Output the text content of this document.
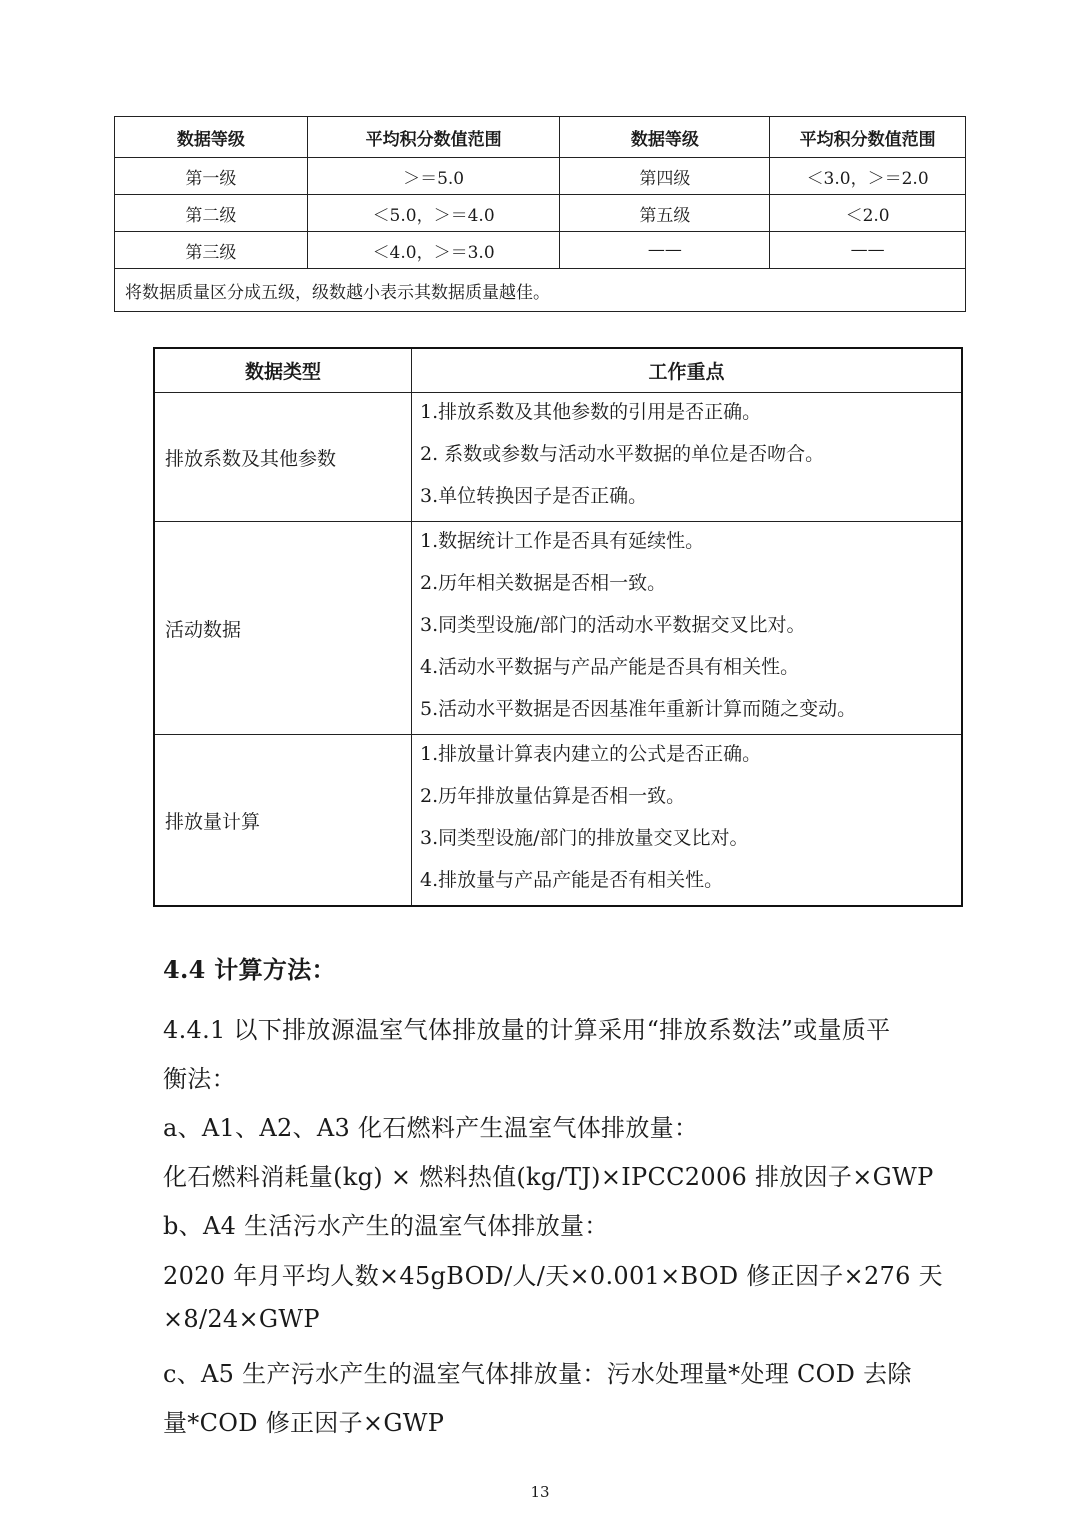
数据等级	平均积分数值范围	数据等级	平均积分数值范围
第一级	＞＝5.0	第四级	＜3.0，＞＝2.0
第二级	＜5.0，＞＝4.0	第五级	＜2.0
第三级	＜4.0，＞＝3.0	——	——
将数据质量区分成五级，级数越小表示其数据质量越佳。			
数据类型	工作重点
排放系数及其他参数	1.排放系数及其他参数的引用是否正确。
2. 系数或参数与活动水平数据的单位是否吻合。
3.单位转换因子是否正确。

活动数据	1.数据统计工作是否具有延续性。
2.历年相关数据是否相一致。
3.同类型设施/部门的活动水平数据交叉比对。
4.活动水平数据与产品产能是否具有相关性。
5.活动水平数据是否因基准年重新计算而随之变动。

排放量计算	1.排放量计算表内建立的公式是否正确。
2.历年排放量估算是否相一致。
3.同类型设施/部门的排放量交叉比对。
4.排放量与产品产能是否有相关性。
4.4 计算方法：
4.4.1 以下排放源温室气体排放量的计算采用“排放系数法”或量质平
衡法：
a、A1、A2、A3 化石燃料产生温室气体排放量：
化石燃料消耗量(kg) × 燃料热值(kg/TJ)×IPCC2006 排放因子×GWP
b、A4 生活污水产生的温室气体排放量：
2020 年月平均人数×45gBOD/人/天×0.001×BOD 修正因子×276 天
×8/24×GWP
c、A5 生产污水产生的温室气体排放量：污水处理量*处理 COD 去除
量*COD 修正因子×GWP
13
